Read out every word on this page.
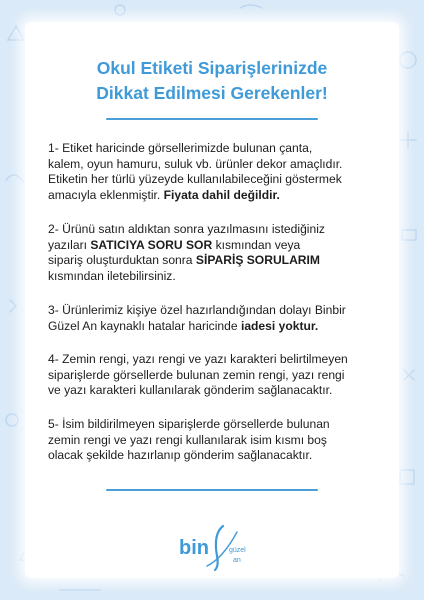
Okul Etiketi Siparişlerinizde
Dikkat Edilmesi Gerekenler!
1- Etiket haricinde görsellerimizde bulunan çanta,
kalem, oyun hamuru, suluk vb. ürünler dekor amaçlıdır.
Etiketin her türlü yüzeyde kullanılabileceğini göstermek
amacıyla eklenmiştir. Fiyata dahil değildir.
2- Ürünü satın aldıktan sonra yazılmasını istediğiniz
yazıları SATICIYA SORU SOR kısmından veya
sipariş oluşturduktan sonra SİPARİŞ SORULARIM
kısmından iletebilirsiniz.
3- Ürünlerimiz kişiye özel hazırlandığından dolayı Binbir
Güzel An kaynaklı hatalar haricinde iadesi yoktur.
4- Zemin rengi, yazı rengi ve yazı karakteri belirtilmeyen
siparişlerde görsellerde bulunan zemin rengi, yazı rengi
ve yazı karakteri kullanılarak gönderim sağlanacaktır.
5- İsim bildirilmeyen siparişlerde görsellerde bulunan
zemin rengi ve yazı rengi kullanılarak isim kısmı boş
olacak şekilde hazırlanıp gönderim sağlanacaktır.
bin	güzel
an
